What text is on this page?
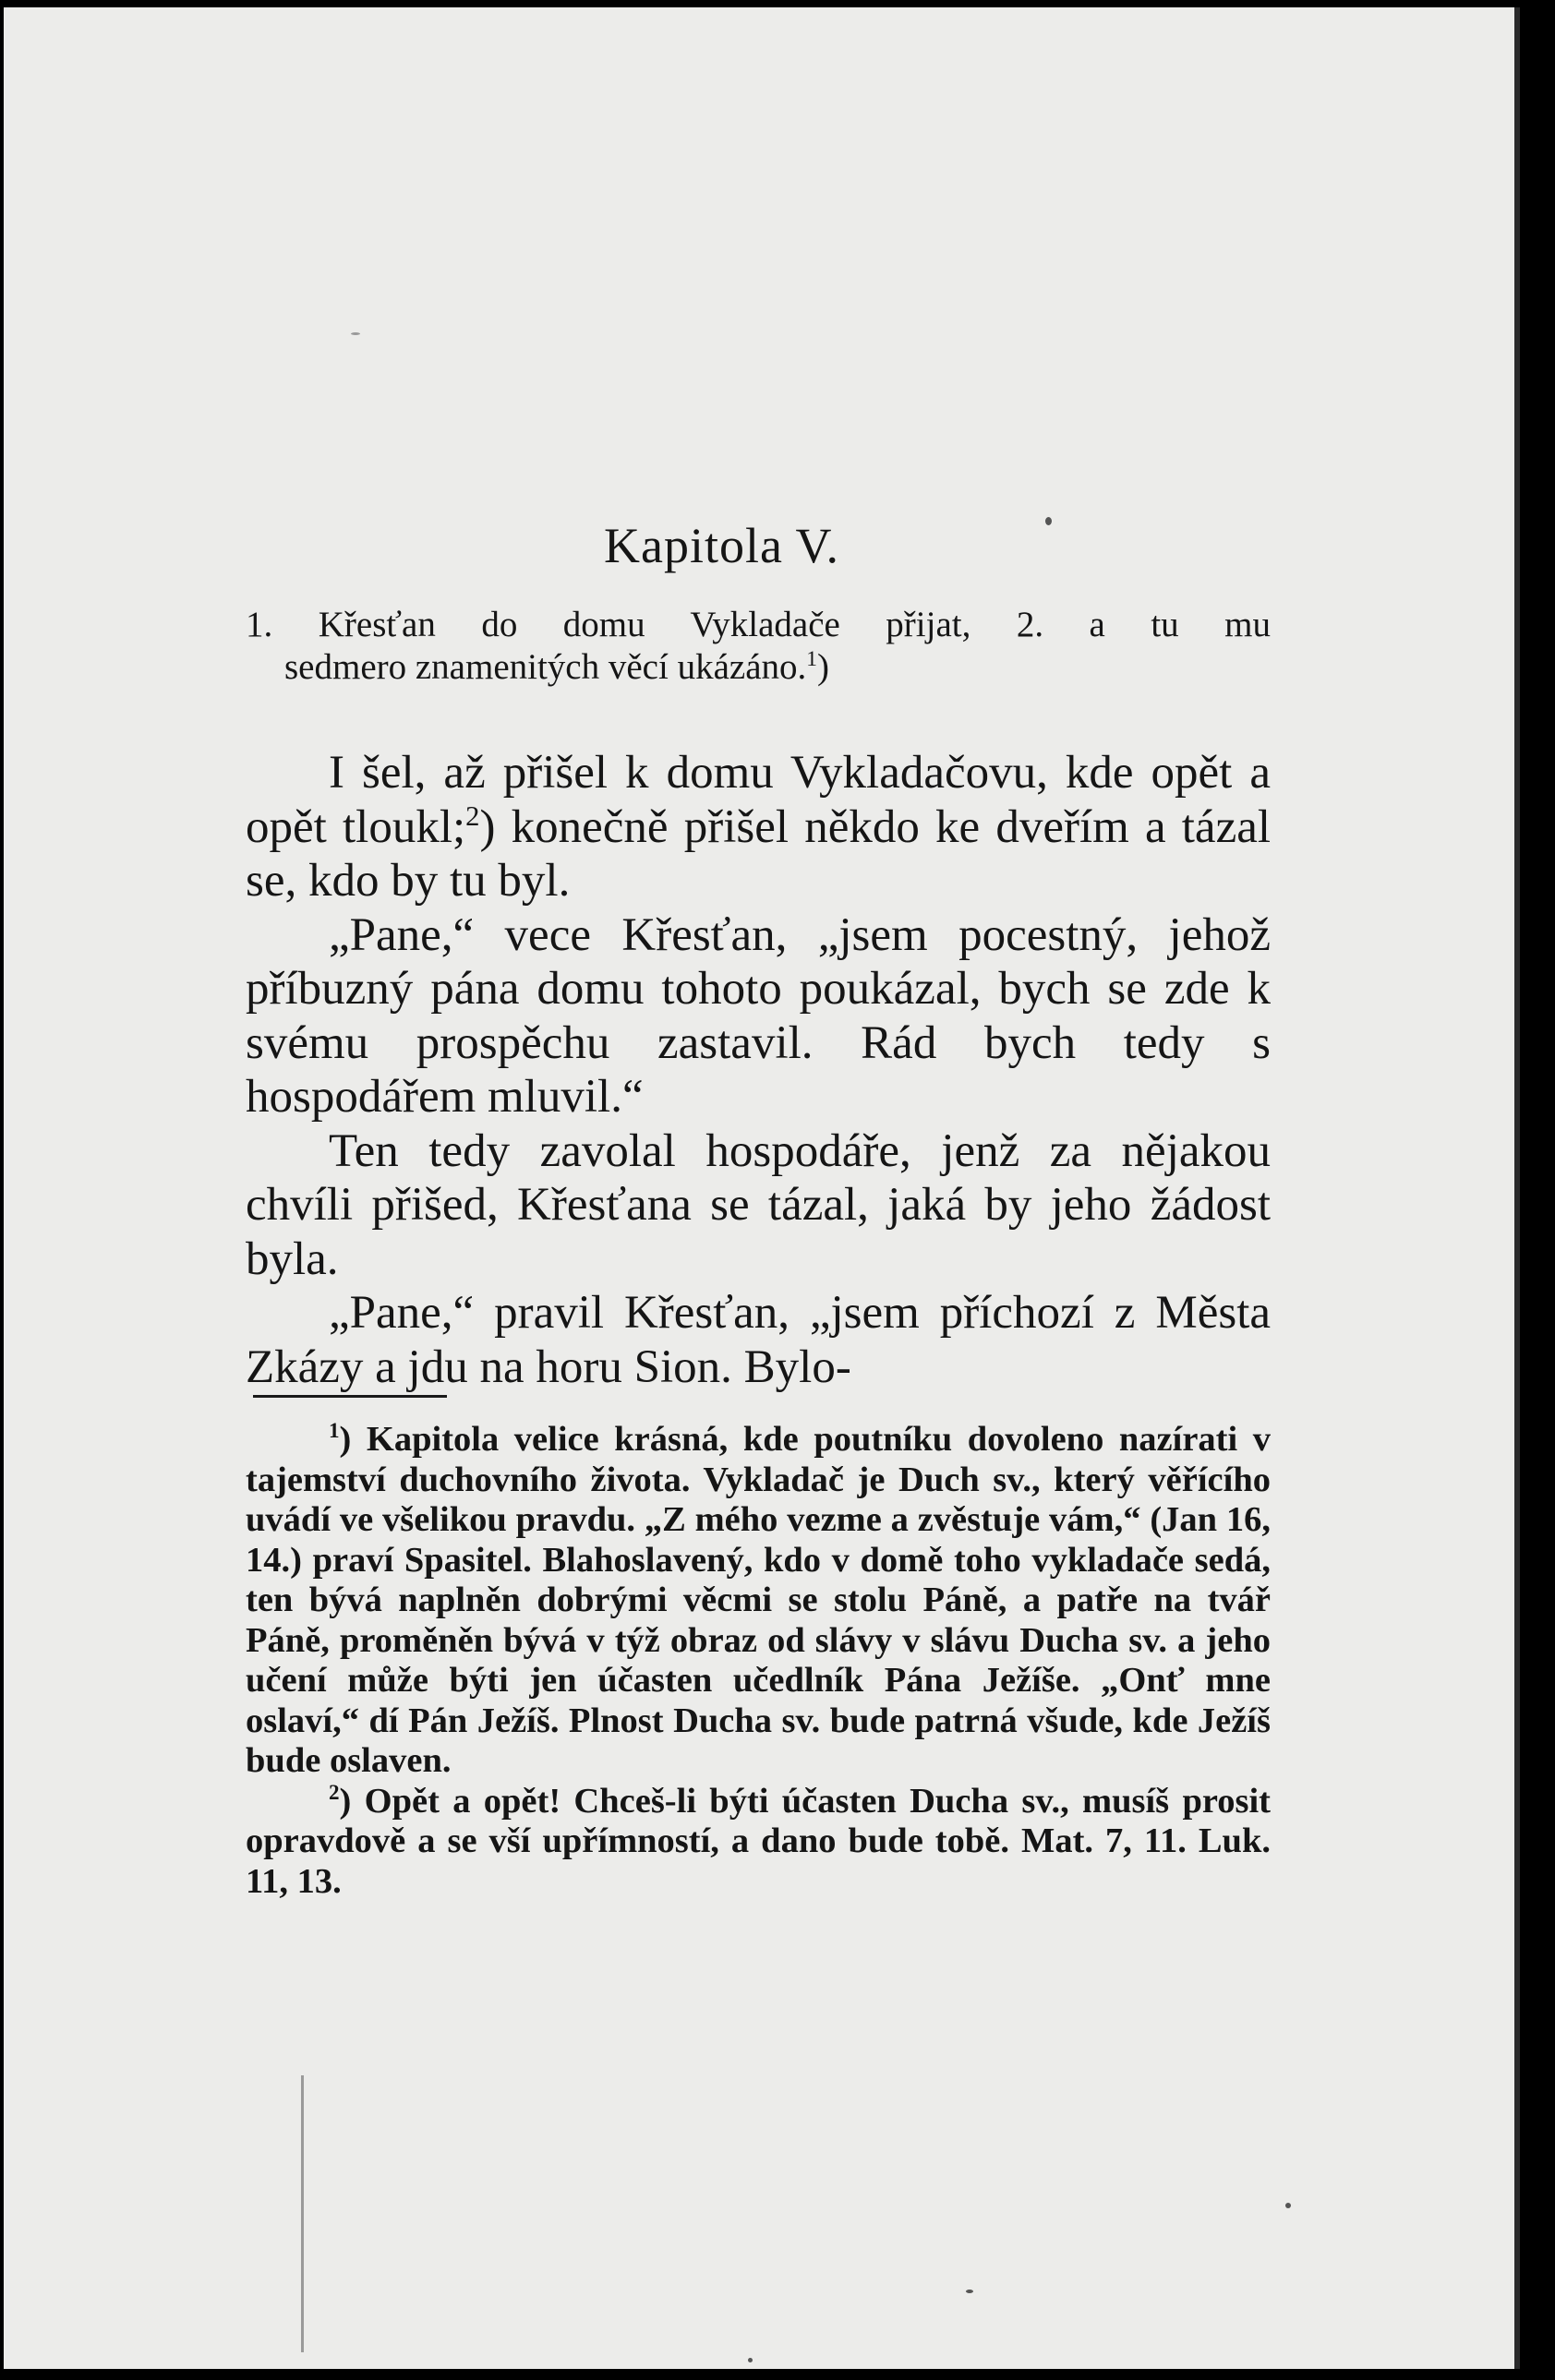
Kapitola V.

1. Křesťan do domu Vykladače přijat, 2. a tu mu

sedmero znamenitých věcí ukázáno.$^1$)

I šel, až přišel k domu Vykladačovu, kde opět a opět tloukl;$^2$) konečně přišel někdo ke dveřím a tázal se, kdo by tu byl.

„Pane,“ vece Křesťan, „jsem pocestný, jehož příbuzný pána domu tohoto poukázal, bych se zde k svému prospěchu zastavil. Rád bych tedy s hospodářem mluvil.“

Ten tedy zavolal hospodáře, jenž za nějakou chvíli přišed, Křesťana se tázal, jaká by jeho žádost byla.

„Pane,“ pravil Křesťan, „jsem příchozí z Města Zkázy a jdu na horu Sion. Bylo-

$^1$) Kapitola velice krásná, kde poutníku dovoleno nazírati v tajemství duchovního života. Vykladač je Duch sv., který věřícího uvádí ve všelikou pravdu. „Z mého vezme a zvěstuje vám,“ (Jan 16, 14.) praví Spasitel. Blahoslavený, kdo v domě toho vykladače sedá, ten bývá naplněn dobrými věcmi se stolu Páně, a patře na tvář Páně, proměněn bývá v týž obraz od slávy v slávu Ducha sv. a jeho učení může býti jen účasten učedlník Pána Ježíše. „Onť mne oslaví,“ dí Pán Ježíš. Plnost Ducha sv. bude patrná všude, kde Ježíš bude oslaven.

$^2$) Opět a opět! Chceš-li býti účasten Ducha sv., musíš prosit opravdově a se vší upřímností, a dano bude tobě. Mat. 7, 11. Luk. 11, 13.
